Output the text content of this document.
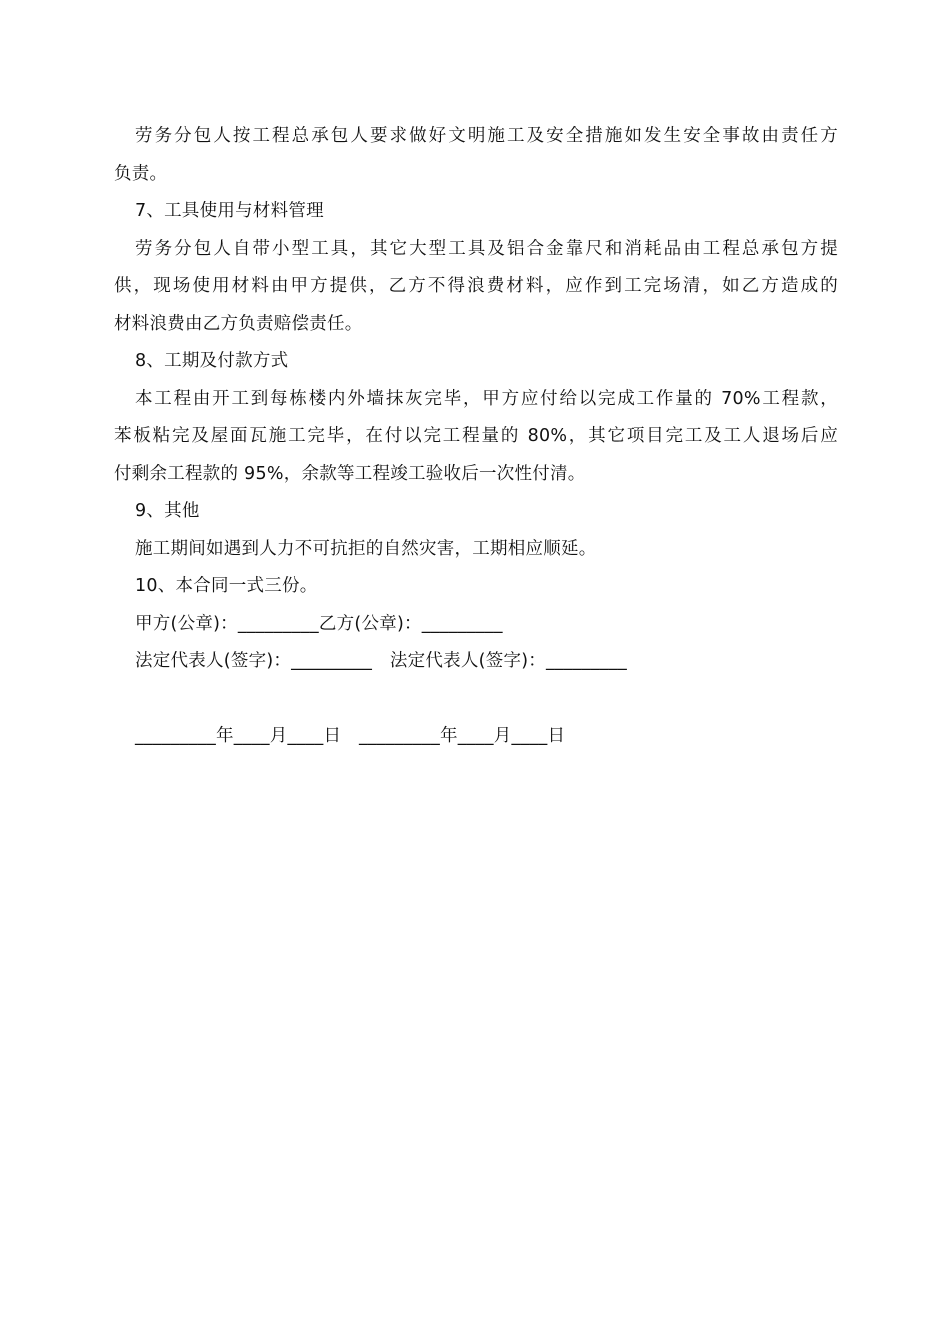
劳务分包人按工程总承包人要求做好文明施工及安全措施如发生安全事故由责任方
负责。
7、工具使用与材料管理
劳务分包人自带小型工具，其它大型工具及铝合金靠尺和消耗品由工程总承包方提
供，现场使用材料由甲方提供，乙方不得浪费材料，应作到工完场清，如乙方造成的
材料浪费由乙方负责赔偿责任。
8、工期及付款方式
本工程由开工到每栋楼内外墙抹灰完毕，甲方应付给以完成工作量的 70%工程款，
苯板粘完及屋面瓦施工完毕，在付以完工程量的 80%，其它项目完工及工人退场后应
付剩余工程款的 95%，余款等工程竣工验收后一次性付清。
9、其他
施工期间如遇到人力不可抗拒的自然灾害，工期相应顺延。
10、本合同一式三份。
甲方(公章)：_________乙方(公章)：_________
法定代表人(签字)：_________　法定代表人(签字)：_________
_________年____月____日　_________年____月____日
